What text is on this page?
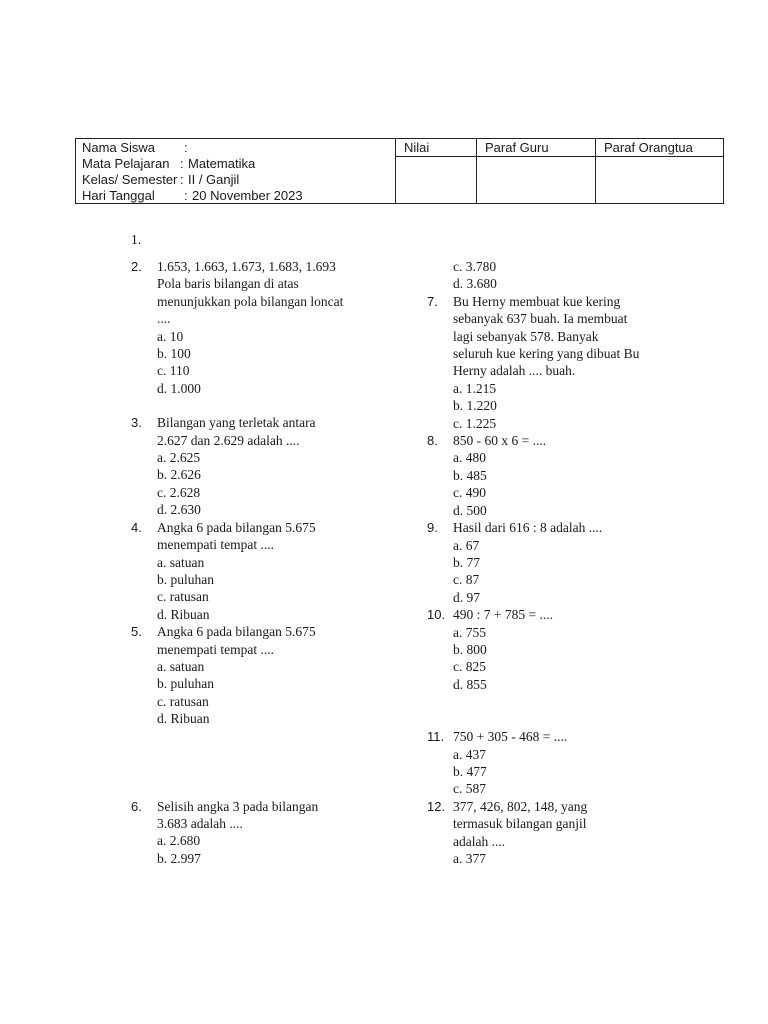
Nama Siswa :
Mata Pelajaran : Matematika
Kelas/ Semester : II / Ganjil
Hari Tanggal : 20 November 2023
Nilai	Paraf Guru	Paraf Orangtua
1.
2. 1.653, 1.663, 1.673, 1.683, 1.693
Pola baris bilangan di atas
menunjukkan pola bilangan loncat
....
a. 10
b. 100
c. 110
d. 1.000
3. Bilangan yang terletak antara
2.627 dan 2.629 adalah ....
a. 2.625
b. 2.626
c. 2.628
d. 2.630
4. Angka 6 pada bilangan 5.675
menempati tempat ....
a. satuan
b. puluhan
c. ratusan
d. Ribuan
5. Angka 6 pada bilangan 5.675
menempati tempat ....
a. satuan
b. puluhan
c. ratusan
d. Ribuan
6. Selisih angka 3 pada bilangan
3.683 adalah ....
a. 2.680
b. 2.997
c. 3.780
d. 3.680
7. Bu Herny membuat kue kering
sebanyak 637 buah. Ia membuat
lagi sebanyak 578. Banyak
seluruh kue kering yang dibuat Bu
Herny adalah .... buah.
a. 1.215
b. 1.220
c. 1.225
8. 850 - 60 x 6 = ....
a. 480
b. 485
c. 490
d. 500
9. Hasil dari 616 : 8 adalah ....
a. 67
b. 77
c. 87
d. 97
10. 490 : 7 + 785 = ....
a. 755
b. 800
c. 825
d. 855
11. 750 + 305 - 468 = ....
a. 437
b. 477
c. 587
12. 377, 426, 802, 148, yang
termasuk bilangan ganjil
adalah ....
a. 377
